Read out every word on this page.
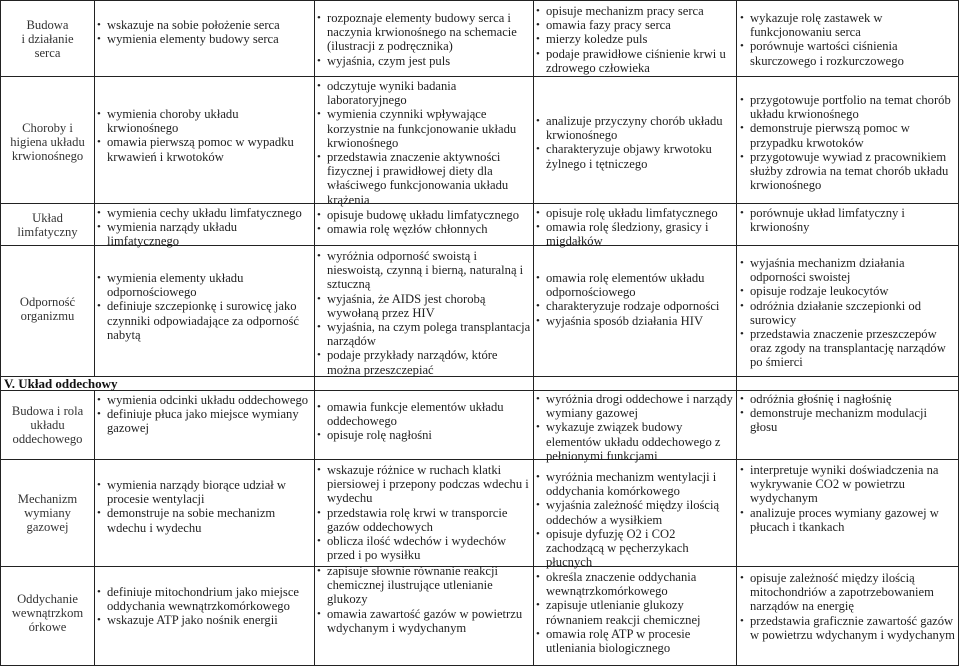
V. Układ oddechowy
Budowa
i działanie
serca
• wskazuje na sobie położenie serca
• wymienia elementy budowy serca
• rozpoznaje elementy budowy serca i naczynia krwionośnego na schemacie (ilustracji z podręcznika)
• wyjaśnia, czym jest puls
• opisuje mechanizm pracy serca
• omawia fazy pracy serca
• mierzy koledze puls
• podaje prawidłowe ciśnienie krwi u zdrowego człowieka
• wykazuje rolę zastawek w funkcjonowaniu serca
• porównuje wartości ciśnienia skurczowego i rozkurczowego
Choroby i
higiena układu
krwionośnego
• wymienia choroby układu krwionośnego
• omawia pierwszą pomoc w wypadku krwawień i krwotoków
• odczytuje wyniki badania laboratoryjnego
• wymienia czynniki wpływające korzystnie na funkcjonowanie układu krwionośnego
• przedstawia znaczenie aktywności fizycznej i prawidłowej diety dla właściwego funkcjonowania układu krążenia
• analizuje przyczyny chorób układu krwionośnego
• charakteryzuje objawy krwotoku żylnego i tętniczego
• przygotowuje portfolio na temat chorób układu krwionośnego
• demonstruje pierwszą pomoc w przypadku krwotoków
• przygotowuje wywiad z pracownikiem służby zdrowia na temat chorób układu krwionośnego
Układ
limfatyczny
• wymienia cechy układu limfatycznego
• wymienia narządy układu limfatycznego
• opisuje budowę układu limfatycznego
• omawia rolę węzłów chłonnych
• opisuje rolę układu limfatycznego
• omawia rolę śledziony, grasicy i migdałków
• porównuje układ limfatyczny i krwionośny
Odporność
organizmu
• wymienia elementy układu odpornościowego
• definiuje szczepionkę i surowicę jako czynniki odpowiadające za odporność nabytą
• wyróżnia odporność swoistą i nieswoistą, czynną i bierną, naturalną i sztuczną
• wyjaśnia, że AIDS jest chorobą wywołaną przez HIV
• wyjaśnia, na czym polega transplantacja narządów
• podaje przykłady narządów, które można przeszczepiać
• omawia rolę elementów układu odpornościowego
• charakteryzuje rodzaje odporności
• wyjaśnia sposób działania HIV
• wyjaśnia mechanizm działania odporności swoistej
• opisuje rodzaje leukocytów
• odróżnia działanie szczepionki od surowicy
• przedstawia znaczenie przeszczepów oraz zgody na transplantację narządów po śmierci
Budowa i rola
układu
oddechowego
• wymienia odcinki układu oddechowego
• definiuje płuca jako miejsce wymiany gazowej
• omawia funkcje elementów układu oddechowego
• opisuje rolę nagłośni
• wyróżnia drogi oddechowe i narządy wymiany gazowej
• wykazuje związek budowy elementów układu oddechowego z pełnionymi funkcjami
• odróżnia głośnię i nagłośnię
• demonstruje mechanizm modulacji głosu
Mechanizm
wymiany
gazowej
• wymienia narządy biorące udział w procesie wentylacji
• demonstruje na sobie mechanizm wdechu i wydechu
• wskazuje różnice w ruchach klatki piersiowej i przepony podczas wdechu i wydechu
• przedstawia rolę krwi w transporcie gazów oddechowych
• oblicza ilość wdechów i wydechów przed i po wysiłku
• wyróżnia mechanizm wentylacji i oddychania komórkowego
• wyjaśnia zależność między ilością oddechów a wysiłkiem
• opisuje dyfuzję O2 i CO2 zachodzącą w pęcherzykach płucnych
• interpretuje wyniki doświadczenia na wykrywanie CO2 w powietrzu wydychanym
• analizuje proces wymiany gazowej w płucach i tkankach
Oddychanie
wewnątrzkom
órkowe
• definiuje mitochondrium jako miejsce oddychania wewnątrzkomórkowego
• wskazuje ATP jako nośnik energii
• zapisuje słownie równanie reakcji chemicznej ilustrujące utlenianie glukozy
• omawia zawartość gazów w powietrzu wdychanym i wydychanym
• określa znaczenie oddychania wewnątrzkomórkowego
• zapisuje utlenianie glukozy równaniem reakcji chemicznej
• omawia rolę ATP w procesie utleniania biologicznego
• opisuje zależność między ilością mitochondriów a zapotrzebowaniem narządów na energię
• przedstawia graficznie zawartość gazów w powietrzu wdychanym i wydychanym
